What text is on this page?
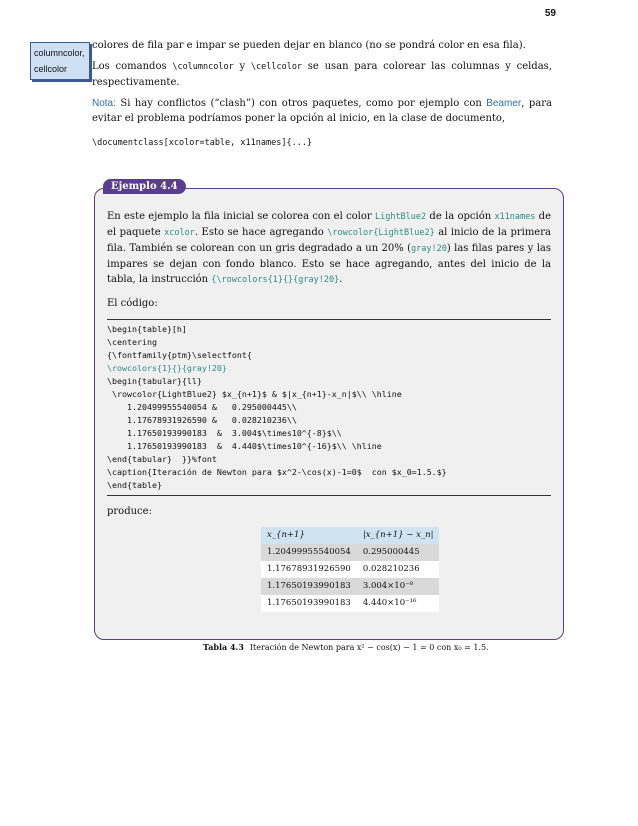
59
columncolor,
cellcolor

colores de fila par e impar se pueden dejar en blanco (no se pondrá color en esa fila).

Los comandos \columncolor y \cellcolor se usan para colorear las columnas y celdas, respectivamente.

Nota: Si hay conflictos (“clash”) con otros paquetes, como por ejemplo con Beamer, para evitar el problema podríamos poner la opción al inicio, en la clase de documento,

\documentclass[xcolor=table, x11names]{...}
Ejemplo 4.4

En este ejemplo la fila inicial se colorea con el color LightBlue2 de la opción x11names de el paquete xcolor. Esto se hace agregando \rowcolor{LightBlue2} al inicio de la primera fila. También se colorean con un gris degradado a un 20% (gray!20) las filas pares y las impares se dejan con fondo blanco. Esto se hace agregando, antes del inicio de la tabla, la instrucción {\rowcolors{1}{}{gray!20}.

El código:

\begin{table}[h]
\centering
{\fontfamily{ptm}\selectfont{
\rowcolors{1}{}{gray!20}
\begin{tabular}{ll}
\rowcolor{LightBlue2} $x_{n+1}$ & $|x_{n+1}-x_n|$\\ \hline
1.20499955540054 &   0.295000445\\
1.17678931926590 &   0.028210236\\
1.17650193990183  &  3.004$\times10^{-8}$\\
1.17650193990183  &  4.440$\times10^{-16}$\\ \hline
\end{tabular}  }}%font
\caption{Iteración de Newton para $x^2-\cos(x)-1=0$  con $x_0=1.5.$}
\end{table}

produce:

x_{n+1}	|x_{n+1} − x_n|
1.20499955540054	0.295000445
1.17678931926590	0.028210236
1.17650193990183	3.004×10⁻⁸
1.17650193990183	4.440×10⁻¹⁶
Tabla 4.3 Iteración de Newton para x² − cos(x) − 1 = 0 con x₀ = 1.5.
